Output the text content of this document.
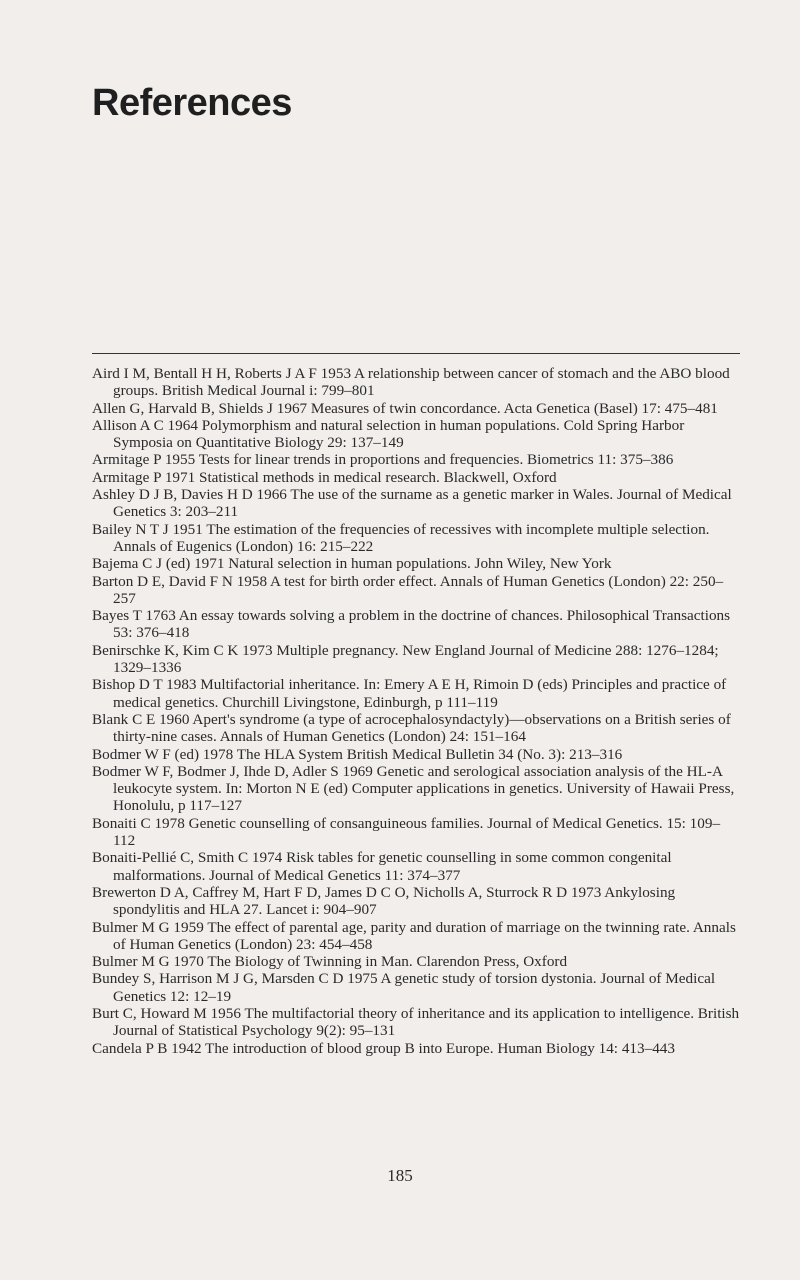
References
Aird I M, Bentall H H, Roberts J A F 1953 A relationship between cancer of stomach and the ABO blood groups. British Medical Journal i: 799–801
Allen G, Harvald B, Shields J 1967 Measures of twin concordance. Acta Genetica (Basel) 17: 475–481
Allison A C 1964 Polymorphism and natural selection in human populations. Cold Spring Harbor Symposia on Quantitative Biology 29: 137–149
Armitage P 1955 Tests for linear trends in proportions and frequencies. Biometrics 11: 375–386
Armitage P 1971 Statistical methods in medical research. Blackwell, Oxford
Ashley D J B, Davies H D 1966 The use of the surname as a genetic marker in Wales. Journal of Medical Genetics 3: 203–211
Bailey N T J 1951 The estimation of the frequencies of recessives with incomplete multiple selection. Annals of Eugenics (London) 16: 215–222
Bajema C J (ed) 1971 Natural selection in human populations. John Wiley, New York
Barton D E, David F N 1958 A test for birth order effect. Annals of Human Genetics (London) 22: 250–257
Bayes T 1763 An essay towards solving a problem in the doctrine of chances. Philosophical Transactions 53: 376–418
Benirschke K, Kim C K 1973 Multiple pregnancy. New England Journal of Medicine 288: 1276–1284; 1329–1336
Bishop D T 1983 Multifactorial inheritance. In: Emery A E H, Rimoin D (eds) Principles and practice of medical genetics. Churchill Livingstone, Edinburgh, p 111–119
Blank C E 1960 Apert's syndrome (a type of acrocephalosyndactyly)—observations on a British series of thirty-nine cases. Annals of Human Genetics (London) 24: 151–164
Bodmer W F (ed) 1978 The HLA System British Medical Bulletin 34 (No. 3): 213–316
Bodmer W F, Bodmer J, Ihde D, Adler S 1969 Genetic and serological association analysis of the HL-A leukocyte system. In: Morton N E (ed) Computer applications in genetics. University of Hawaii Press, Honolulu, p 117–127
Bonaiti C 1978 Genetic counselling of consanguineous families. Journal of Medical Genetics. 15: 109–112
Bonaiti-Pellié C, Smith C 1974 Risk tables for genetic counselling in some common congenital malformations. Journal of Medical Genetics 11: 374–377
Brewerton D A, Caffrey M, Hart F D, James D C O, Nicholls A, Sturrock R D 1973 Ankylosing spondylitis and HLA 27. Lancet i: 904–907
Bulmer M G 1959 The effect of parental age, parity and duration of marriage on the twinning rate. Annals of Human Genetics (London) 23: 454–458
Bulmer M G 1970 The Biology of Twinning in Man. Clarendon Press, Oxford
Bundey S, Harrison M J G, Marsden C D 1975 A genetic study of torsion dystonia. Journal of Medical Genetics 12: 12–19
Burt C, Howard M 1956 The multifactorial theory of inheritance and its application to intelligence. British Journal of Statistical Psychology 9(2): 95–131
Candela P B 1942 The introduction of blood group B into Europe. Human Biology 14: 413–443
185
